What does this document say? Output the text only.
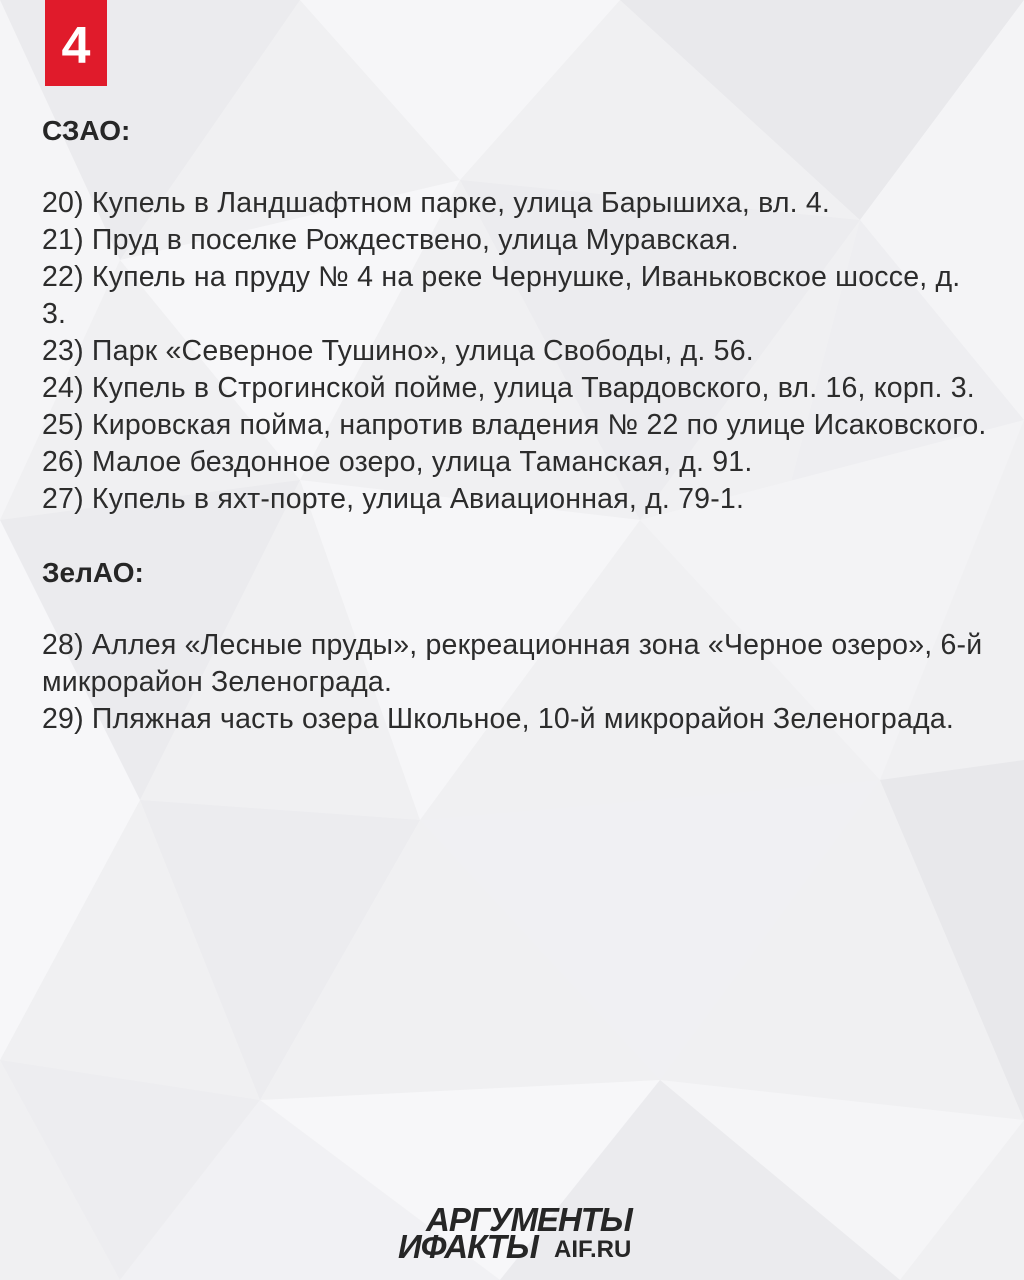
4

СЗАО:

20) Купель в Ландшафтном парке, улица Барышиха, вл. 4.
21) Пруд в поселке Рождествено, улица Муравская.
22) Купель на пруду № 4 на реке Чернушке, Иваньковское шоссе, д. 3.
23) Парк «Северное Тушино», улица Свободы, д. 56.
24) Купель в Строгинской пойме, улица Твардовского, вл. 16, корп. 3.
25) Кировская пойма, напротив владения № 22 по улице Исаковского.
26) Малое бездонное озеро, улица Таманская, д. 91.
27) Купель в яхт-порте, улица Авиационная, д. 79-1.

ЗелАО:

28) Аллея «Лесные пруды», рекреационная зона «Черное озеро», 6-й микрорайон Зеленограда.
29) Пляжная часть озера Школьное, 10-й микрорайон Зеленограда.
АРГУМЕНТЫ
ИФАКТЫ AIF.RU
